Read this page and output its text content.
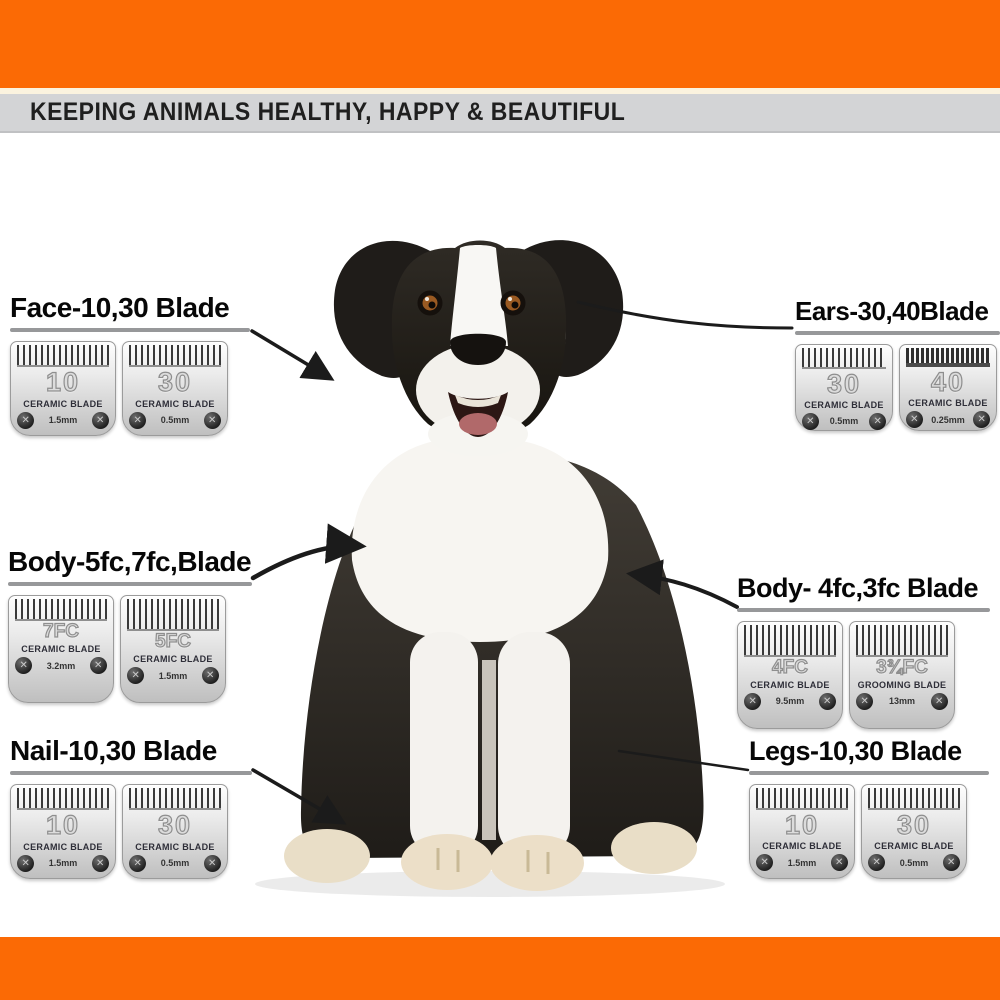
KEEPING ANIMALS HEALTHY, HAPPY & BEAUTIFUL
Face-10,30 Blade
10
CERAMIC BLADE
✕	1.5mm	✕
30
CERAMIC BLADE
✕	0.5mm	✕
Ears-30,40Blade
30
CERAMIC BLADE
✕	0.5mm	✕
40
CERAMIC BLADE
✕	0.25mm	✕
Body-5fc,7fc,Blade
7FC
CERAMIC BLADE
✕	3.2mm	✕
5FC
CERAMIC BLADE
✕	1.5mm	✕
Body- 4fc,3fc Blade
4FC
CERAMIC BLADE
✕	9.5mm	✕
3¾FC
GROOMING BLADE
✕	13mm	✕
Nail-10,30 Blade
10
CERAMIC BLADE
✕	1.5mm	✕
30
CERAMIC BLADE
✕	0.5mm	✕
Legs-10,30 Blade
10
CERAMIC BLADE
✕	1.5mm	✕
30
CERAMIC BLADE
✕	0.5mm	✕
